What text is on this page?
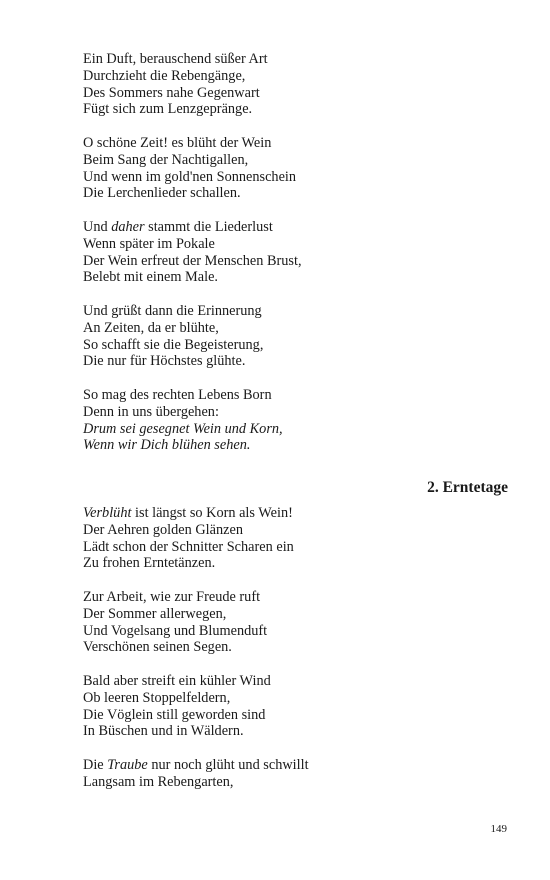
Ein Duft, berauschend süßer Art
Durchzieht die Rebengänge,
Des Sommers nahe Gegenwart
Fügt sich zum Lenzgepränge.
O schöne Zeit! es blüht der Wein
Beim Sang der Nachtigallen,
Und wenn im gold'nen Sonnenschein
Die Lerchenlieder schallen.
Und daher stammt die Liederlust
Wenn später im Pokale
Der Wein erfreut der Menschen Brust,
Belebt mit einem Male.
Und grüßt dann die Erinnerung
An Zeiten, da er blühte,
So schafft sie die Begeisterung,
Die nur für Höchstes glühte.
So mag des rechten Lebens Born
Denn in uns übergehen:
Drum sei gesegnet Wein und Korn,
Wenn wir Dich blühen sehen.
2. Erntetage
Verblüht ist längst so Korn als Wein!
Der Aehren golden Glänzen
Lädt schon der Schnitter Scharen ein
Zu frohen Erntetänzen.
Zur Arbeit, wie zur Freude ruft
Der Sommer allerwegen,
Und Vogelsang und Blumenduft
Verschönen seinen Segen.
Bald aber streift ein kühler Wind
Ob leeren Stoppelfeldern,
Die Vöglein still geworden sind
In Büschen und in Wäldern.
Die Traube nur noch glüht und schwillt
Langsam im Rebengarten,
149
